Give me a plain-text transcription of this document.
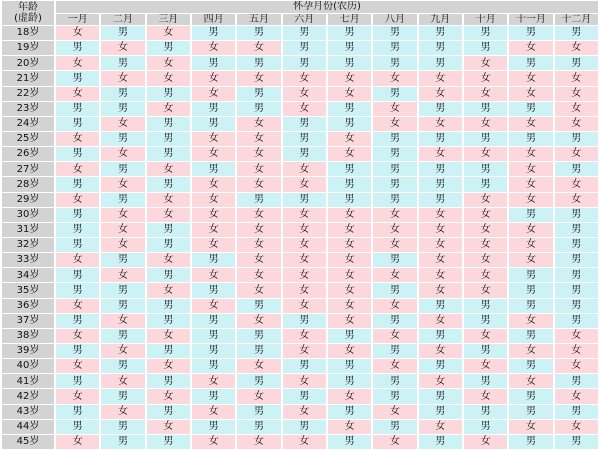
年龄
(虚龄)	怀孕月份(农历)											
	一月	二月	三月	四月	五月	六月	七月	八月	九月	十月	十一月	十二月
18岁	女	男	女	男	男	男	男	男	男	男	男	男
19岁	男	女	男	女	女	男	男	男	男	男	女	女
20岁	女	男	女	男	男	男	男	男	男	女	男	男
21岁	男	女	女	女	女	女	女	女	女	女	女	女
22岁	女	男	男	女	男	女	女	男	女	女	女	女
23岁	男	男	女	男	男	女	男	女	男	男	男	女
24岁	男	女	男	男	女	男	男	女	女	女	女	女
25岁	女	男	男	女	女	男	女	男	男	男	男	男
26岁	男	女	男	女	女	男	女	男	女	女	女	女
27岁	女	男	女	男	女	女	男	男	男	男	女	男
28岁	男	女	男	女	女	女	男	男	男	男	女	女
29岁	女	男	女	女	男	男	男	男	男	女	女	女
30岁	男	女	女	女	女	女	女	女	女	女	男	男
31岁	男	女	男	女	女	女	女	女	女	女	女	男
32岁	男	女	男	女	女	女	女	女	女	女	女	男
33岁	女	男	女	男	女	女	女	男	女	女	女	男
34岁	男	女	男	女	女	女	女	女	女	女	男	男
35岁	男	男	女	男	女	女	女	男	女	女	男	男
36岁	女	男	男	女	男	女	女	女	男	男	男	男
37岁	男	女	男	男	女	男	女	男	女	男	女	男
38岁	女	男	女	男	男	女	男	女	男	女	男	女
39岁	男	女	男	男	男	女	女	男	女	男	女	女
40岁	女	男	女	男	女	男	男	女	男	女	男	女
41岁	男	女	男	女	男	女	男	男	女	男	女	男
42岁	女	男	女	男	女	男	女	男	男	女	男	女
43岁	男	女	男	女	男	女	男	女	男	男	男	男
44岁	男	男	女	男	男	男	女	男	女	男	女	女
45岁	女	男	男	女	女	女	男	女	男	女	男	男
